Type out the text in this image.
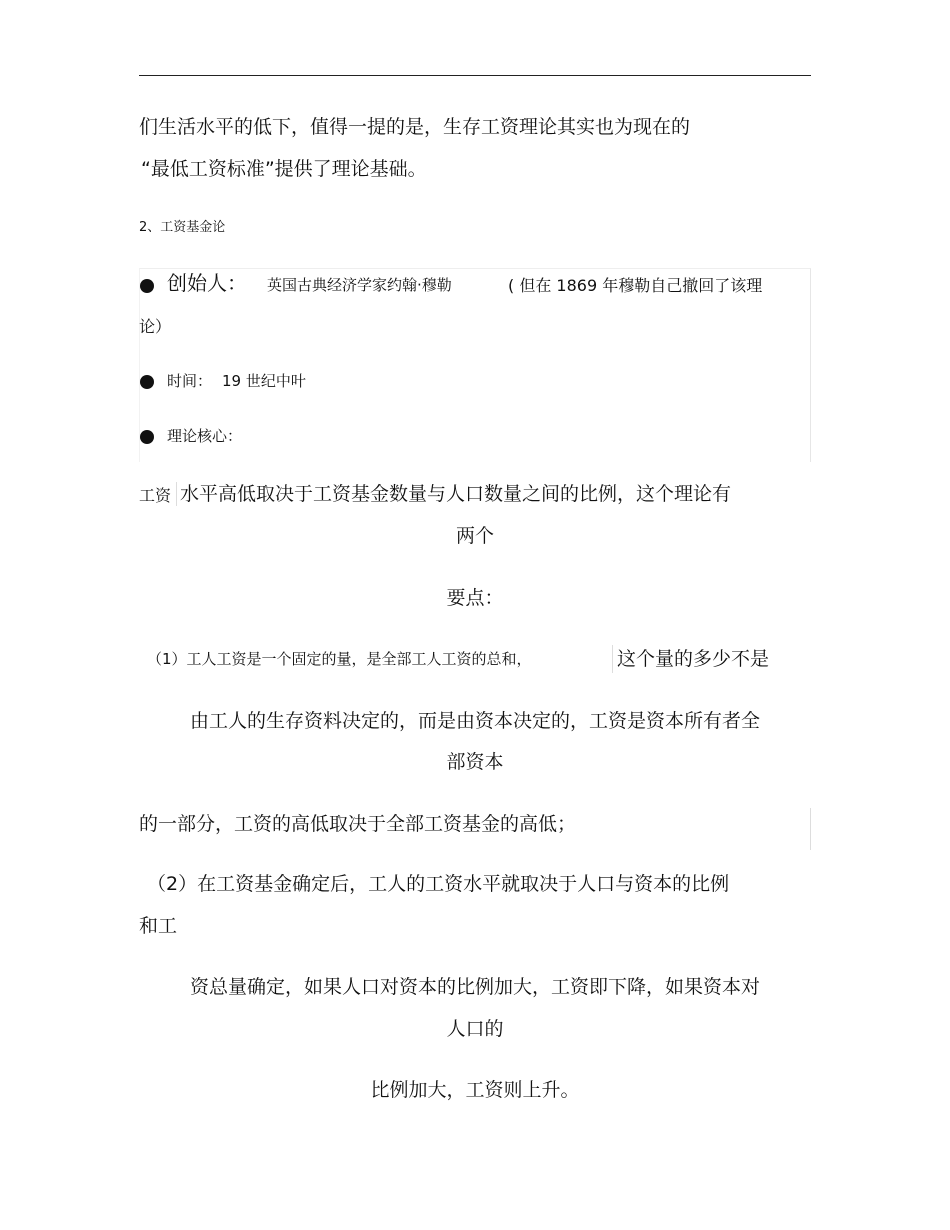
们生活水平的低下，值得一提的是，生存工资理论其实也为现在的
“最低工资标准”提供了理论基础。
2、工资基金论
创始人： 英国古典经济学家约翰·穆勒	( 但在 1869 年穆勒自己撤回了该理
论）
时间： 19 世纪中叶
理论核心：
工资 水平高低取决于工资基金数量与人口数量之间的比例，这个理论有
两个
要点：
（1）工人工资是一个固定的量，是全部工人工资的总和，	这个量的多少不是
由工人的生存资料决定的，而是由资本决定的，工资是资本所有者全
部资本
的一部分，工资的高低取决于全部工资基金的高低；
（2）在工资基金确定后，工人的工资水平就取决于人口与资本的比例
和工
资总量确定，如果人口对资本的比例加大，工资即下降，如果资本对
人口的
比例加大，工资则上升。
